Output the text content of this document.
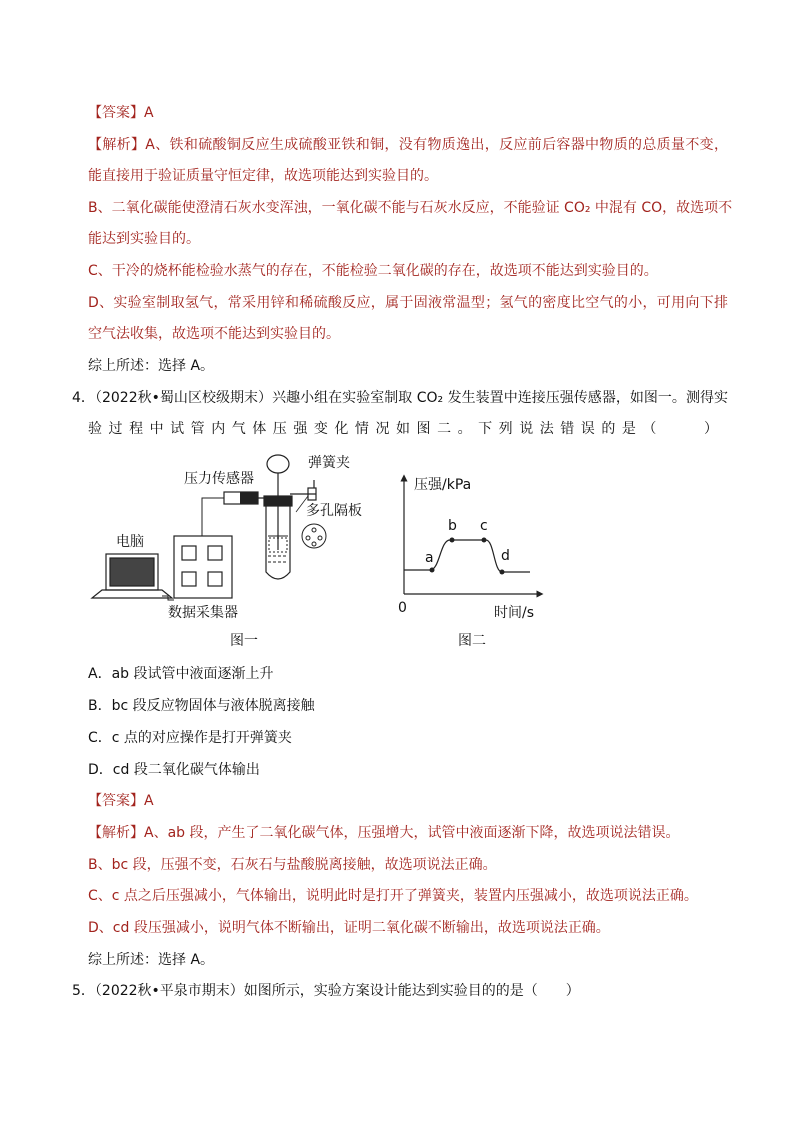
【答案】A
【解析】A、铁和硫酸铜反应生成硫酸亚铁和铜，没有物质逸出，反应前后容器中物质的总质量不变，
能直接用于验证质量守恒定律，故选项能达到实验目的。
B、二氧化碳能使澄清石灰水变浑浊，一氧化碳不能与石灰水反应，不能验证 CO₂ 中混有 CO，故选项不
能达到实验目的。
C、干冷的烧杯能检验水蒸气的存在，不能检验二氧化碳的存在，故选项不能达到实验目的。
D、实验室制取氢气，常采用锌和稀硫酸反应，属于固液常温型；氢气的密度比空气的小，可用向下排
空气法收集，故选项不能达到实验目的。
综上所述：选择 A。
4．（2022秋•蜀山区校级期末）兴趣小组在实验室制取 CO₂ 发生装置中连接压强传感器，如图一。测得实
验过程中试管内气体压强变化情况如图二。下列说法错误的是（　　）
压力传感器
弹簧夹
多孔隔板
电脑
数据采集器
图一
压强/kPa
a
b c
d
0	时间/s
图二
A．ab 段试管中液面逐渐上升
B．bc 段反应物固体与液体脱离接触
C．c 点的对应操作是打开弹簧夹
D．cd 段二氧化碳气体输出
【答案】A
【解析】A、ab 段，产生了二氧化碳气体，压强增大，试管中液面逐渐下降，故选项说法错误。
B、bc 段，压强不变，石灰石与盐酸脱离接触，故选项说法正确。
C、c 点之后压强减小，气体输出，说明此时是打开了弹簧夹，装置内压强减小，故选项说法正确。
D、cd 段压强减小，说明气体不断输出，证明二氧化碳不断输出，故选项说法正确。
综上所述：选择 A。
5．（2022秋•平泉市期末）如图所示，实验方案设计能达到实验目的的是（　　）
